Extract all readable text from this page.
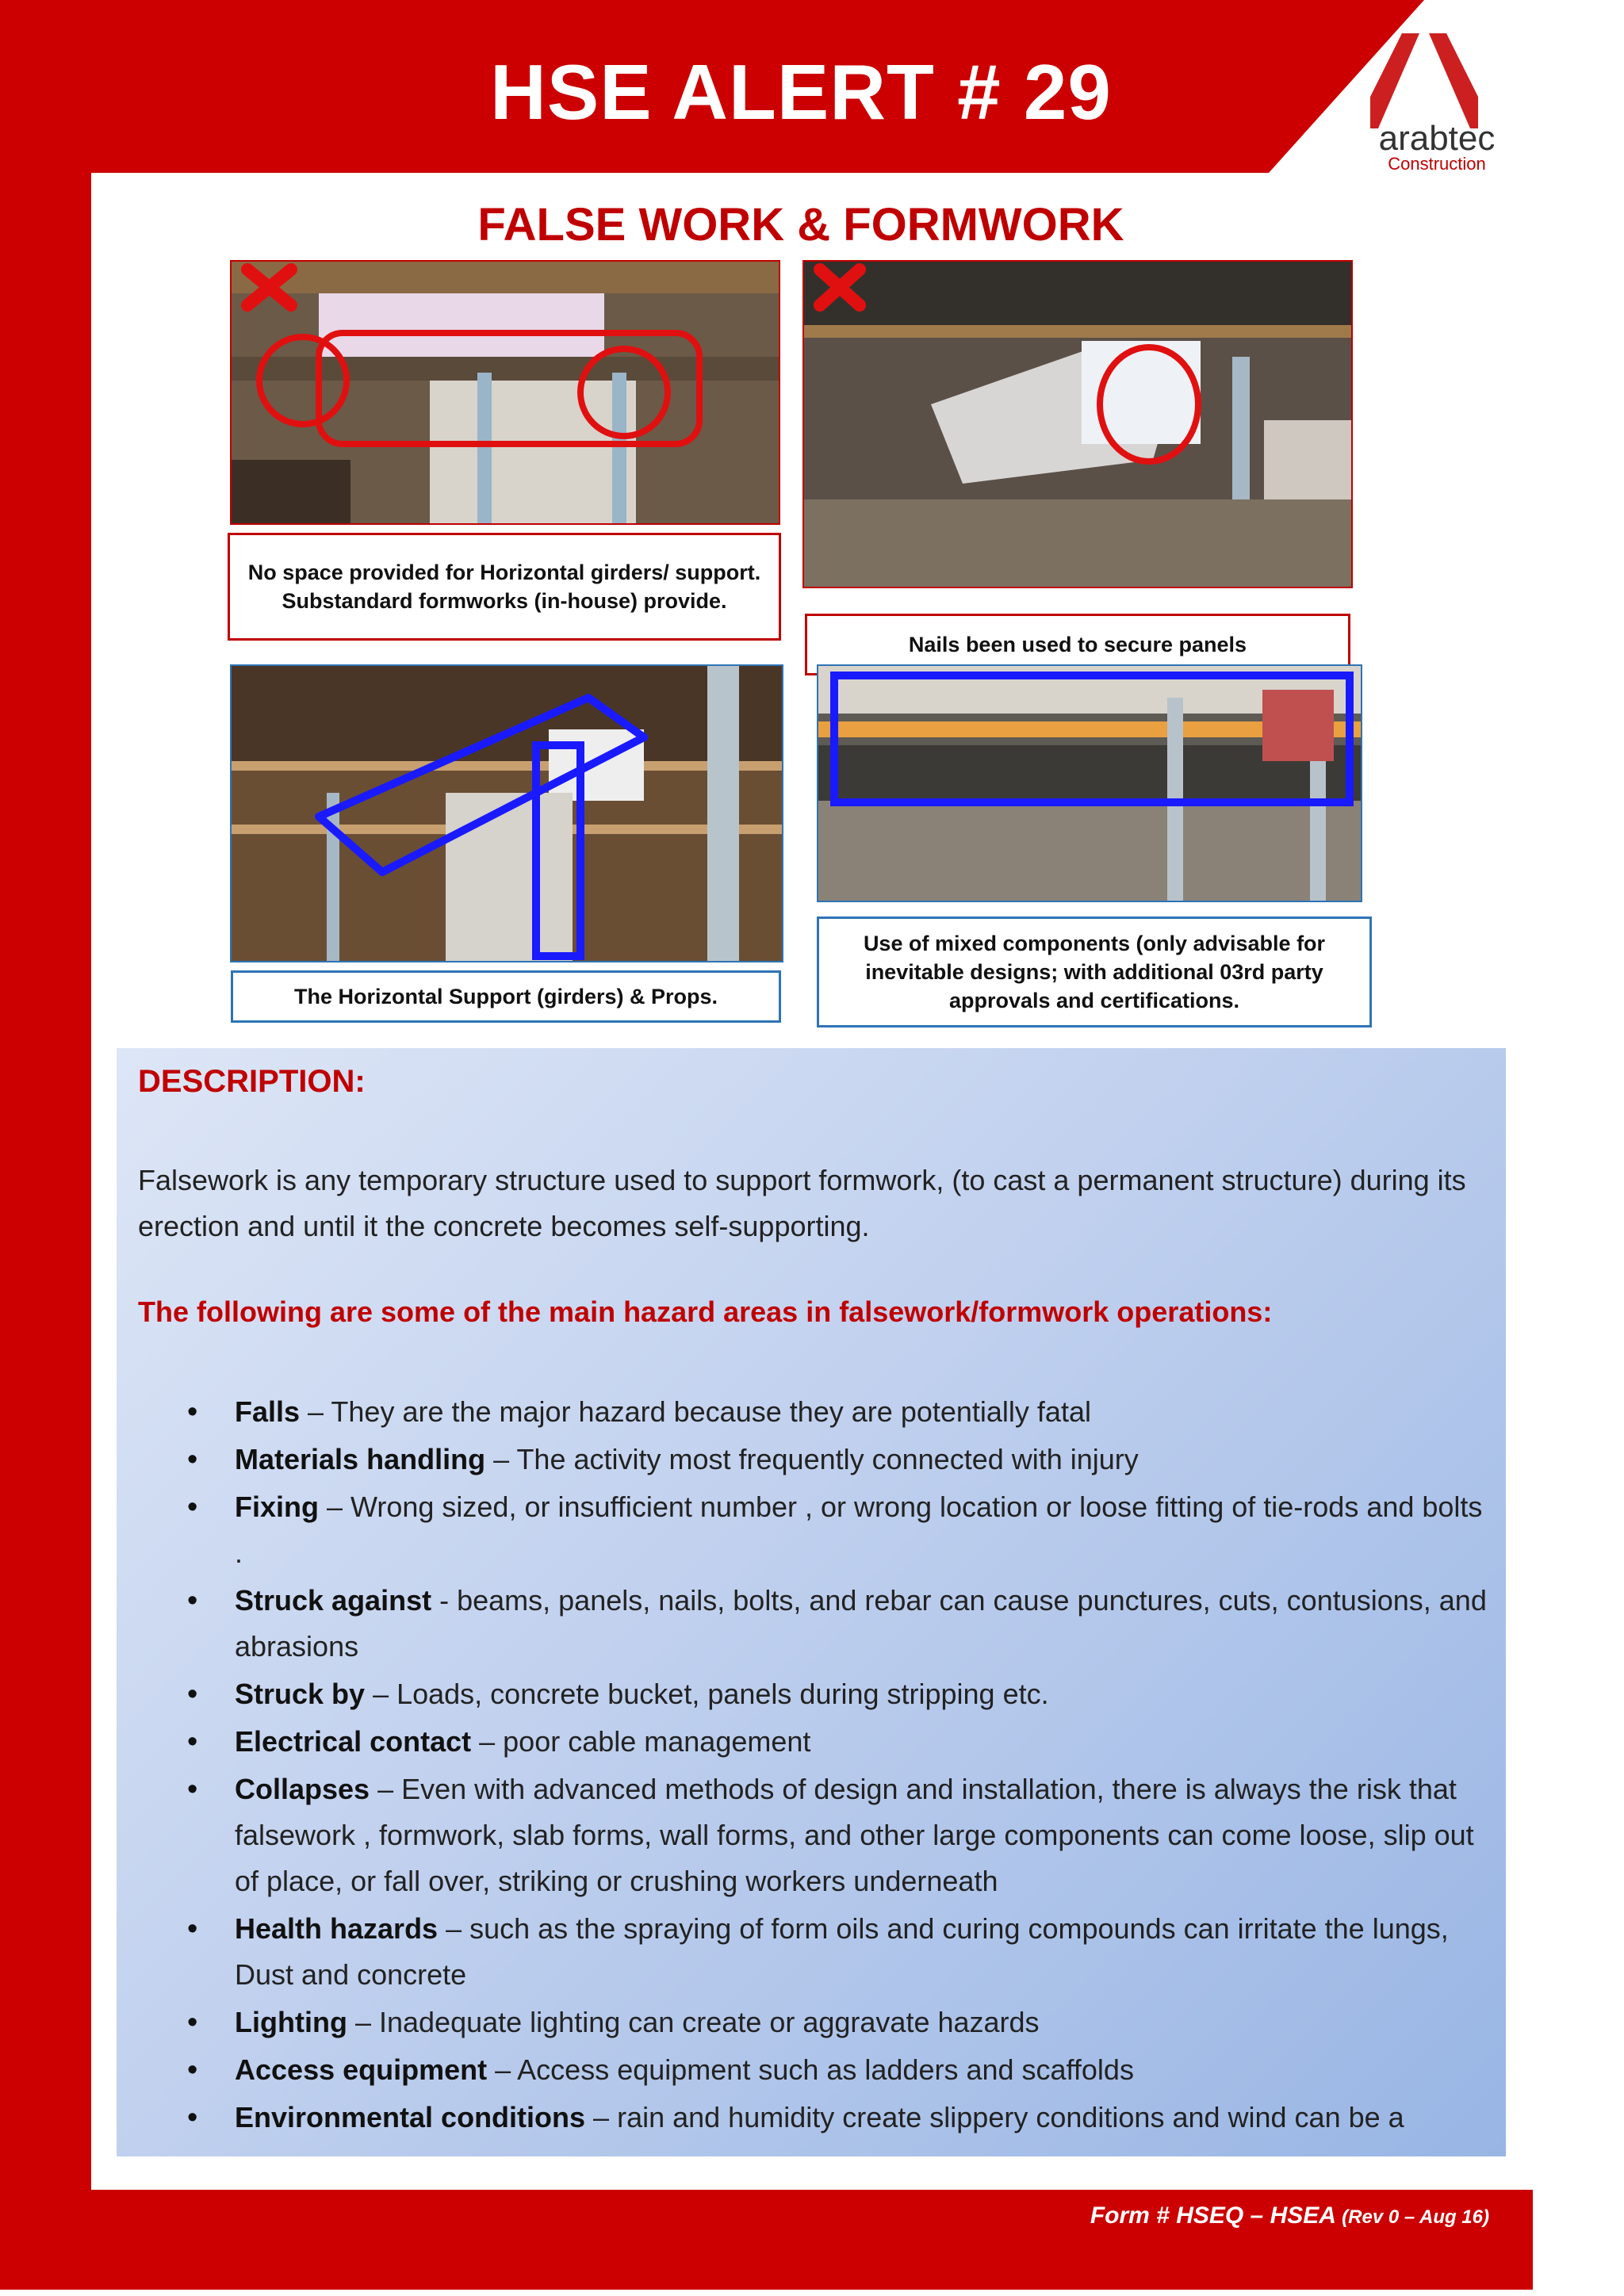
HSE ALERT # 29
arabtec
Construction
FALSE WORK & FORMWORK
No space provided for Horizontal girders/ support. Substandard formworks (in-house) provide.
Nails been used to secure panels
The Horizontal Support (girders) & Props.
Use of mixed components (only advisable for inevitable designs; with additional 03rd party approvals and certifications.
DESCRIPTION:
Falsework is any temporary structure used to support formwork, (to cast a permanent structure) during its erection and until it the concrete becomes self-supporting.
The following are some of the main hazard areas in falsework/formwork operations:
• Falls – They are the major hazard because they are potentially fatal
• Materials handling – The activity most frequently connected with injury
• Fixing – Wrong sized, or insufficient number , or wrong location or loose fitting of tie-rods and bolts .
• Struck against - beams, panels, nails, bolts, and rebar can cause punctures, cuts, contusions, and abrasions
• Struck by – Loads, concrete bucket, panels during stripping etc.
• Electrical contact – poor cable management
• Collapses – Even with advanced methods of design and installation, there is always the risk that falsework , formwork, slab forms, wall forms, and other large components can come loose, slip out of place, or fall over, striking or crushing workers underneath
• Health hazards – such as the spraying of form oils and curing compounds can irritate the lungs, Dust and concrete
• Lighting – Inadequate lighting can create or aggravate hazards
• Access equipment – Access equipment such as ladders and scaffolds
• Environmental conditions – rain and humidity create slippery conditions and wind can be a
Form # HSEQ – HSEA (Rev 0 – Aug 16)
